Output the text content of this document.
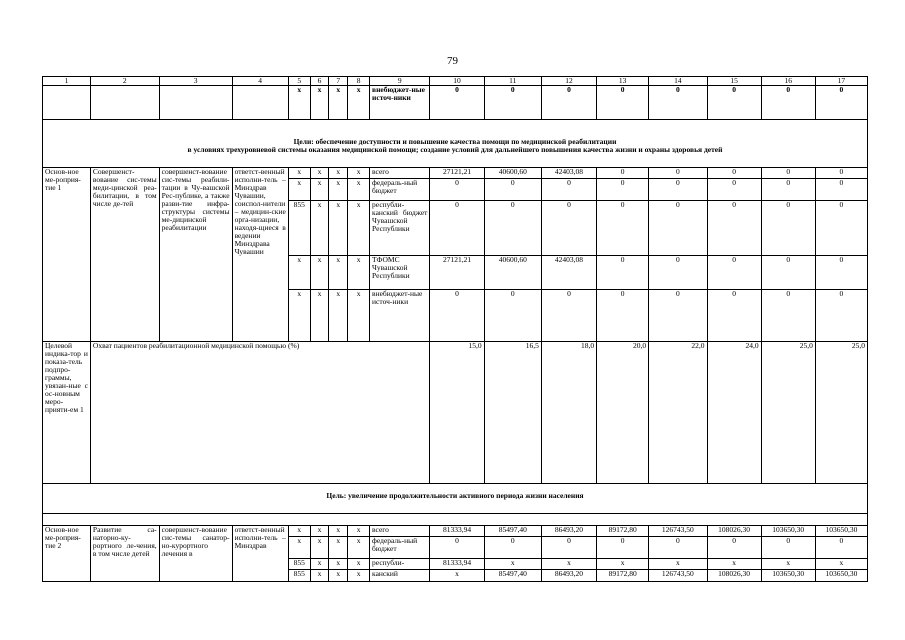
79
1	2	3	4	5	6	7	8	9	10	11	12	13	14	15	16	17
				x	x	x	x	внебюджет-ные источ-ники	0	0	0	0	0	0	0	0

Цели: обеспечение доступности и повышение качества помощи по медицинской реабилитации
в условиях трехуровневой системы оказания медицинской помощи; создание условий для дальнейшего повышения качества жизни и охраны здоровья детей																

Основ-ное ме-роприя-тие 1	Совершенст-вование сис-темы меди-цинской реа-билитации, в том числе де-тей	совершенст-вование сис-темы реабили-тации в Чу-вашской Рес-публике, а также разви-тие инфра-структуры системы ме-дицинской реабилитации	ответст-венный исполни-тель – Минздрав Чувашии, соиспол-нители – медицин-ские орга-низации, находя-щиеся в ведении Минздрава Чувашии	x	x	x	x	всего	27121,21	40600,60	42403,08	0	0	0	0	0
				x	x	x	x	федераль-ный бюджет	0	0	0	0	0	0	0	0
				855	x	x	x	республи-канский бюджет Чувашской Республики	0	0	0	0	0	0	0	0
				x	x	x	x	ТФОМС Чувашской Республики	27121,21	40600,60	42403,08	0	0	0	0	0
				x	x	x	x	внебюджет-ные источ-ники	0	0	0	0	0	0	0	0
Целевой индика-тор и показа-тель подпро-граммы, увязан-ные с ос-новным меро-прияти-ем 1	Охват пациентов реабилитационной медицинской помощью (%)								15,0	16,5	18,0	20,0	22,0	24,0	25,0	25,0
Цель: увеличение продолжительности активного периода жизни населения																

Основ-ное ме-роприя-тие 2	Развитие са-наторно-ку-рортного ле-чения, в том числе детей	совершенст-вование сис-темы санатор-но-курортного лечения в	ответст-венный исполни-тель – Минздрав	x	x	x	x	всего	81333,94	85497,40	86493,20	89172,80	126743,50	108026,30	103650,30	103650,30
				x	x	x	x	федераль-ный бюджет	0	0	0	0	0	0	0	0
				855	x	x	x	республи-	81333,94	x	x	x	x	x	x	x
				855	x	x	x	канский	x	85497,40	86493,20	89172,80	126743,50	108026,30	103650,30	103650,30
